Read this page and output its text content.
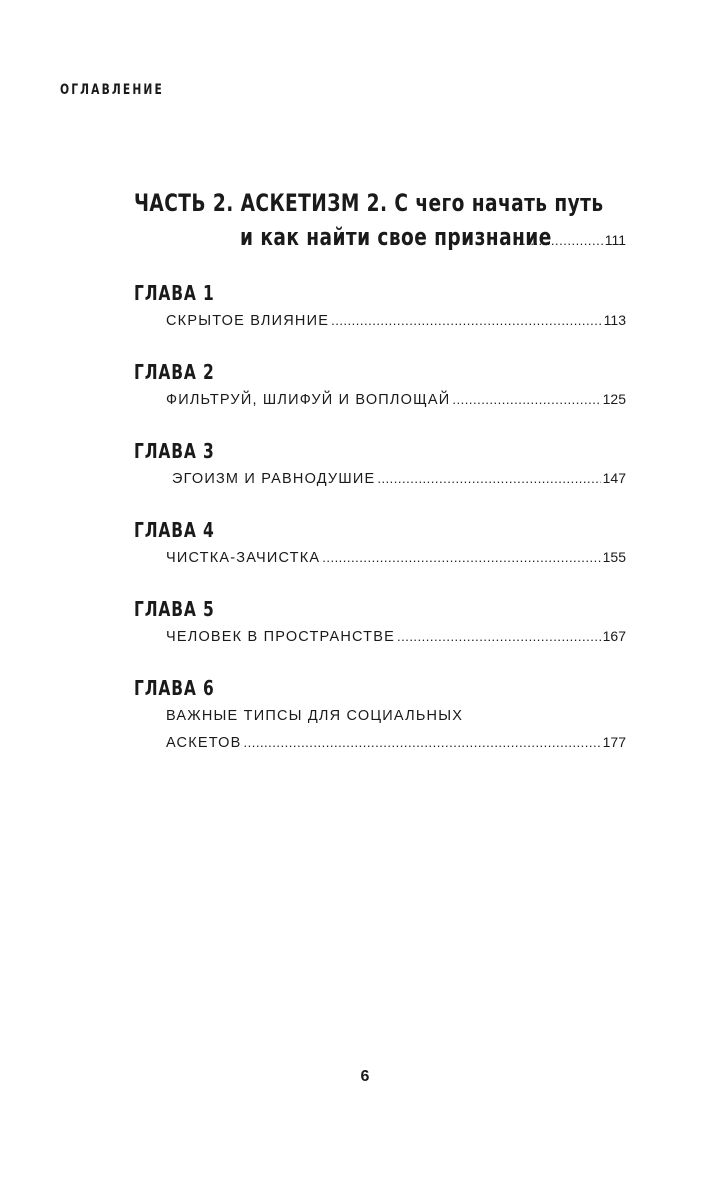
ОГЛАВЛЕНИЕ
ЧАСТЬ 2. АСКЕТИЗМ 2. С чего начать путь
и как найти свое признание .....	111
ГЛАВА 1
СКРЫТОЕ ВЛИЯНИЕ .....	113
ГЛАВА 2
ФИЛЬТРУЙ, ШЛИФУЙ И ВОПЛОЩАЙ .....	125
ГЛАВА 3
ЭГОИЗМ И РАВНОДУШИЕ .....	147
ГЛАВА 4
ЧИСТКА-ЗАЧИСТКА .....	155
ГЛАВА 5
ЧЕЛОВЕК В ПРОСТРАНСТВЕ .....	167
ГЛАВА 6
ВАЖНЫЕ ТИПСЫ ДЛЯ СОЦИАЛЬНЫХ
АСКЕТОВ .....	177
6
